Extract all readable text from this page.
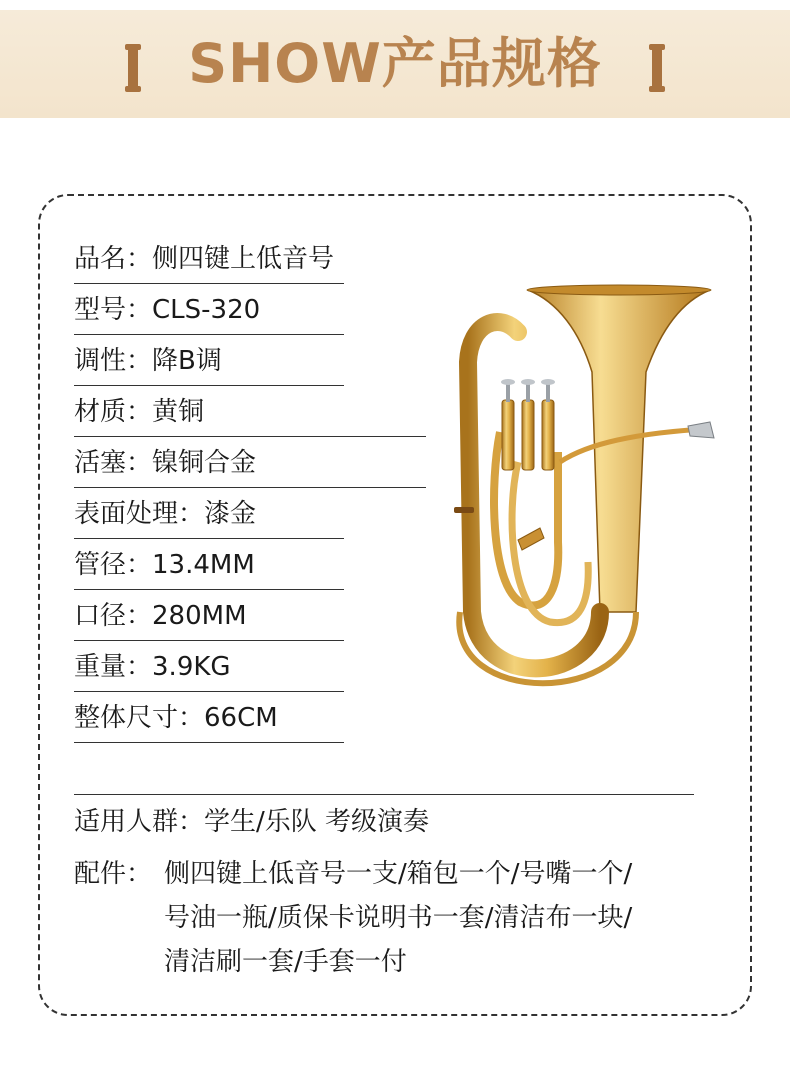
SHOW产品规格
品名：侧四键上低音号
型号：CLS-320
调性：降B调
材质：黄铜
活塞：镍铜合金
表面处理：漆金
管径：13.4MM
口径：280MM
重量：3.9KG
整体尺寸：66CM
适用人群：学生/乐队 考级演奏
配件： 侧四键上低音号一支/箱包一个/号嘴一个/
号油一瓶/质保卡说明书一套/清洁布一块/
清洁刷一套/手套一付
